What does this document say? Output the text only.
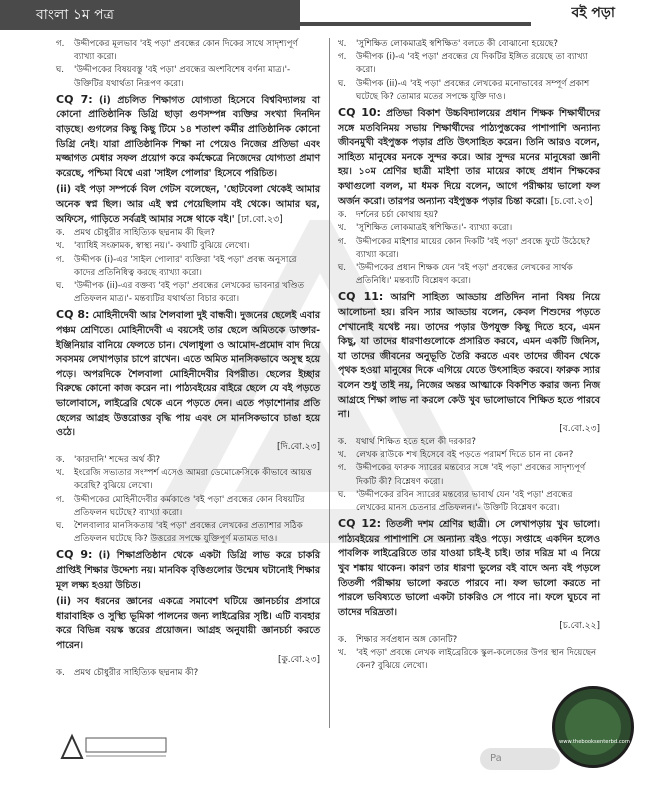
বাংলা ১ম পত্র	বই পড়া
গ.	উদ্দীপকের মূলভাব 'বই পড়া' প্রবন্ধের কোন দিকের সাথে সাদৃশ্যপূর্ণ ব্যাখ্যা করো।
ঘ.	'উদ্দীপকের বিষয়বস্তু 'বই পড়া' প্রবন্ধের অংশবিশেষ বর্ণনা মাত্র।'- উক্তিটির যথার্থতা নিরূপণ করো।

CQ 7: (i) প্রচলিত শিক্ষাগত যোগ্যতা হিসেবে বিশ্ববিদ্যালয় বা কোনো প্রাতিষ্ঠানিক ডিগ্রি ছাড়া গুণসম্পন্ন ব্যক্তির সংখ্যা দিনদিন বাড়ছে। গুগলের কিছু কিছু টিমে ১৪ শতাংশ কর্মীর প্রাতিষ্ঠানিক কোনো ডিগ্রি নেই। যারা প্রাতিষ্ঠানিক শিক্ষা না পেয়েও নিজের প্রতিভা এবং মজ্জাগত মেধার সফল প্রয়োগ করে কর্মক্ষেত্রে নিজেদের যোগ্যতা প্রমাণ করেছে, পশ্চিমা বিশ্বে এরা 'সাইল পোলার' হিসেবে পরিচিত।

(ii) বই পড়া সম্পর্কে বিল গেটস বলেছেন, 'ছোটবেলা থেকেই আমার অনেক স্বপ্ন ছিল। আর এই স্বপ্ন পেয়েছিলাম বই থেকে। আমার ঘর, অফিসে, গাড়িতে সর্বত্রই আমার সঙ্গে থাকে বই।' [ঢা.বো.২৩]

ক.	প্রমথ চৌধুরীর সাহিত্যিক ছদ্মনাম কী ছিল?
খ.	'ব্যাধিই সংক্রামক, স্বাস্থ্য নয়।'- কথাটি বুঝিয়ে লেখো।
গ.	উদ্দীপক (i)-এর 'সাইল পোলার' ব্যক্তিরা 'বই পড়া' প্রবন্ধ অনুসারে কাদের প্রতিনিধিত্ব করছে ব্যাখ্যা করো।
ঘ.	'উদ্দীপক (ii)-এর বক্তব্য 'বই পড়া' প্রবন্ধের লেখকের ভাবনার খণ্ডিত প্রতিফলন মাত্র।'- মন্তব্যটির যথার্থতা বিচার করো।

CQ 8: মোহিনীদেবী আর শৈলবালা দুই বান্ধবী। দুজনের ছেলেই এবার পঞ্চম শ্রেণিতে। মোহিনীদেবী এ বয়সেই তার ছেলে অমিতকে ডাক্তার-ইঞ্জিনিয়ার বানিয়ে ফেলতে চান। খেলাধুলা ও আমোদ-প্রমোদ বাদ দিয়ে সবসময় লেখাপড়ার চাপে রাখেন। এতে অমিত মানসিকভাবে অসুস্থ হয়ে পড়ে। অপরদিকে শৈলবালা মোহিনীদেবীর বিপরীত। ছেলের ইচ্ছার বিরুদ্ধে কোনো কাজ করেন না। পাঠ্যবইয়ের বাইরে ছেলে যে বই পড়তে ভালোবাসে, লাইব্রেরি থেকে এনে পড়তে দেন। এতে পড়াশোনার প্রতি ছেলের আগ্রহ উত্তরোত্তর বৃদ্ধি পায় এবং সে মানসিকভাবে চাঙা হয়ে ওঠে।

[দি.বো.২৩]

ক.	'কারদানি' শব্দের অর্থ কী?
খ.	ইংরেজি সভ্যতার সংস্পর্শ এসেও আমরা ডেমোক্রেসিকে কীভাবে আয়ত্ত করেছি? বুঝিয়ে লেখো।
গ.	উদ্দীপকের মোহিনীদেবীর কর্মকাণ্ডে 'বই পড়া' প্রবন্ধের কোন বিষয়টির প্রতিফলন ঘটেছে? ব্যাখ্যা করো।
ঘ.	শৈলবালার মানসিকতায় 'বই পড়া' প্রবন্ধের লেখকের প্রত্যাশার সঠিক প্রতিফলন ঘটেছে কি? উত্তরের সপক্ষে যুক্তিপূর্ণ মতামত দাও।

CQ 9: (i) শিক্ষাপ্রতিষ্ঠান থেকে একটা ডিগ্রি লাভ করে চাকরি প্রাপ্তিই শিক্ষার উদ্দেশ্য নয়। মানবিক বৃত্তিগুলোর উন্মেষ ঘটানোই শিক্ষার মূল লক্ষ্য হওয়া উচিত।

(ii) সব ধরনের জ্ঞানের একত্রে সমাবেশ ঘটিয়ে জ্ঞানচর্চার প্রসারে ধারাবাহিক ও সুস্থ্যি ভূমিকা পালনের জন্য লাইব্রেরির সৃষ্টি। এটি ব্যবহার করে বিভিন্ন বয়স্ক স্তরের প্রয়োজন। আগ্রহ অনুযায়ী জ্ঞানচর্চা করতে পারেন।

[কু.বো.২৩]

ক.	প্রমথ চৌধুরীর সাহিত্যিক ছদ্মনাম কী?
খ.	'সুশিক্ষিত লোকমাত্রই স্বশিক্ষিত' বলতে কী বোঝানো হয়েছে?
গ.	উদ্দীপক (i)-এ 'বই পড়া' প্রবন্ধের যে দিকটির ইঙ্গিত রয়েছে তা ব্যাখ্যা করো।
ঘ.	উদ্দীপক (ii)-এ 'বই পড়া' প্রবন্ধের লেখকের মনোভাবের সম্পূর্ণ প্রকাশ ঘটেছে কি? তোমার মতের সপক্ষে যুক্তি দাও।

CQ 10: প্রতিভা বিকাশ উচ্চবিদ্যালয়ের প্রধান শিক্ষক শিক্ষার্থীদের সঙ্গে মতবিনিময় সভায় শিক্ষার্থীদের পাঠ্যপুস্তকের পাশাপাশি অন্যান্য জীবনমুখী বইপুস্তক পড়ার প্রতি উৎসাহিত করেন। তিনি আরও বলেন, সাহিত্য মানুষের মনকে সুন্দর করে। আর সুন্দর মনের মানুষেরা জ্ঞানী হয়। ১০ম শ্রেণির ছাত্রী মাইশা তার মায়ের কাছে প্রধান শিক্ষকের কথাগুলো বলল, মা ধমক দিয়ে বলেন, আগে পরীক্ষায় ভালো ফল অর্জন করো। তারপর অন্যান্য বইপুস্তক পড়ার চিন্তা করো। [চ.বো.২৩]

ক.	দর্শনের চর্চা কোথায় হয়?
খ.	'সুশিক্ষিত লোকমাত্রই স্বশিক্ষিত।'- ব্যাখ্যা করো।
গ.	উদ্দীপকের মাইশার মায়ের কোন দিকটি 'বই পড়া' প্রবন্ধে ফুটে উঠেছে? ব্যাখ্যা করো।
ঘ.	'উদ্দীপকের প্রধান শিক্ষক যেন 'বই পড়া' প্রবন্ধের লেখকের সার্থক প্রতিনিধি।' মন্তব্যটি বিশ্লেষণ করো।

CQ 11: আরশি সাহিত্য আড্ডায় প্রতিদিন নানা বিষয় নিয়ে আলোচনা হয়। রবিন স্যার আড্ডায় বলেন, কেবল শিশুদের পড়তে শেখানোই যথেষ্ট নয়। তাদের পড়ার উপযুক্ত কিছু দিতে হবে, এমন কিছু, যা তাদের ধারণাগুলোকে প্রসারিত করবে, এমন একটি জিনিস, যা তাদের জীবনের অনুভূতি তৈরি করতে এবং তাদের জীবন থেকে পৃথক হওয়া মানুষের দিকে এগিয়ে যেতে উৎসাহিত করবে। ফারুক স্যার বলেন শুধু তাই নয়, নিজের অন্তর আত্মাকে বিকশিত করার জন্য নিজ আগ্রহে শিক্ষা লাভ না করলে কেউ খুব ভালোভাবে শিক্ষিত হতে পারবে না।

[ব.বো.২৩]

ক.	যথার্থ শিক্ষিত হতে হলে কী দরকার?
খ.	লেখক রাউকে শখ হিসেবে বই পড়তে পরামর্শ দিতে চান না কেন?
গ.	উদ্দীপকের ফারুক স্যারের মন্তব্যের সঙ্গে 'বই পড়া' প্রবন্ধের সাদৃশ্যপূর্ণ দিকটি কী? বিশ্লেষণ করো।
ঘ.	'উদ্দীপকের রবিন স্যারের মন্তব্যের ভাবার্থ যেন 'বই পড়া' প্রবন্ধের লেখকের মানস চেতনার প্রতিফলন।'- উক্তিটি বিশ্লেষণ করো।

CQ 12: তিতলী দশম শ্রেণির ছাত্রী। সে লেখাপড়ায় খুব ভালো। পাঠ্যবইয়ের পাশাপাশি সে অন্যান্য বইও পড়ে। সপ্তাহে একদিন হলেও পাবলিক লাইব্রেরিতে তার যাওয়া চাই-ই চাই। তার দরিদ্র মা এ নিয়ে খুব শঙ্কায় থাকেন। কারণ তার ধারণা ভুলের বই বাদে অন্য বই পড়লে তিতলী পরীক্ষায় ভালো করতে পারবে না। ফল ভালো করতে না পারলে ভবিষ্যতে ভালো একটা চাকরিও সে পাবে না। ফলে ঘুচবে না তাদের দরিদ্রতা।

[চ.বো.২২]

ক.	শিক্ষার সর্বপ্রধান অঙ্গ কোনটি?
খ.	'বই পড়া' প্রবন্ধে লেখক লাইব্রেরিকে স্কুল-কলেজের উপর স্থান দিয়েছেন কেন? বুঝিয়ে লেখো।
Pa
www.thebooksenterbd.com
